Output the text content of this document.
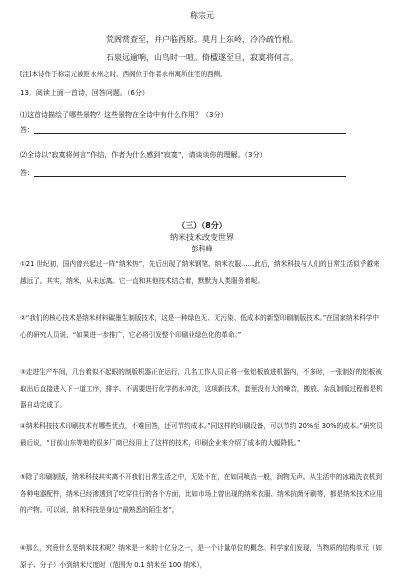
称宗元
荒阁赏查至，并户临西原。莫月上东岭，冷冷疏竹根。
石泉远逾响，山鸟时一喧。倚楹遂至旦，寂寞将何言。
[注]本诗作于称宗元被贬永州之时。西阁位于作者永州寓所住宅的西侧。
13．阅读上面一首诗，回答问题。（6分）
⑴这首诗描绘了哪些景物？这些景物在全诗中有什么作用？（3分）
答：
⑵全诗以“寂寞将何言”作结，作者为什么感到“寂寞”，请谈谈你的理解。（3分）
答：
（三）（8分）
纳米技术改变世界
彭科峰
①21 世纪初，国内曾兴起过一阵“纳米热”，先后出现了纳米钢笔、纳米衣服……此后，纳米科技与人们的日常生活似乎越来越远了。其实，纳米，从未远离。它一直和其他技术结合着，默默为人类服务着呢。
②“我们的核心技术是纳米材料碳墨生制版技术，这是一种绿色无、无污染、低成本的新型印刷制版技术。”在国家纳米科学中心的研究人员说，“如果进一步推广，它必将引发整个印刷业绿色化的革命。”
③走进生产车间，几台着似不起眼的制版机器正在运行，几名工作人员正将一张铝板放进机器内，不多时，一张制好的铝板被取出后直接进入下一道工序，排字、不需要进行化学药水冲洗，这项新技术，套里没有大的噪音，搬放、杂乱制版过程都是机器自动完成了。
④纳米科技技术印刷技术有哪些优点，不难回答，还可节约成本。”同这样的印刷设备，可以节约 20%至 30%的成本。”研究员最后说，“目前山东等地的很多厂商已经用上了这样的技术，印刷企业来介绍了成本的大幅降低。”
⑤除了印刷制版，纳米科技其实离不开我们日常生活之中，无处不在，在如同喷点一般，润物无声。从生活中的冰箱洗衣机到各种电器配件，纳米已经渗透到了吃穿住行的各个方面，比如市场上曾出现的纳米衣服、纳米抗菌牙刷等，都是纳米技术应用的产物。可以说，纳米科技是身边“最熟悉的陌生者”。
⑥那么，究竟什么是纳米技术呢？纳米是一米的十亿分之一，是一个计量单位的概念。科学家们发现，当物质的结构单元（如原子、分子）小到纳米尺度时（范围为 0.1 纳米至 100 纳米），
